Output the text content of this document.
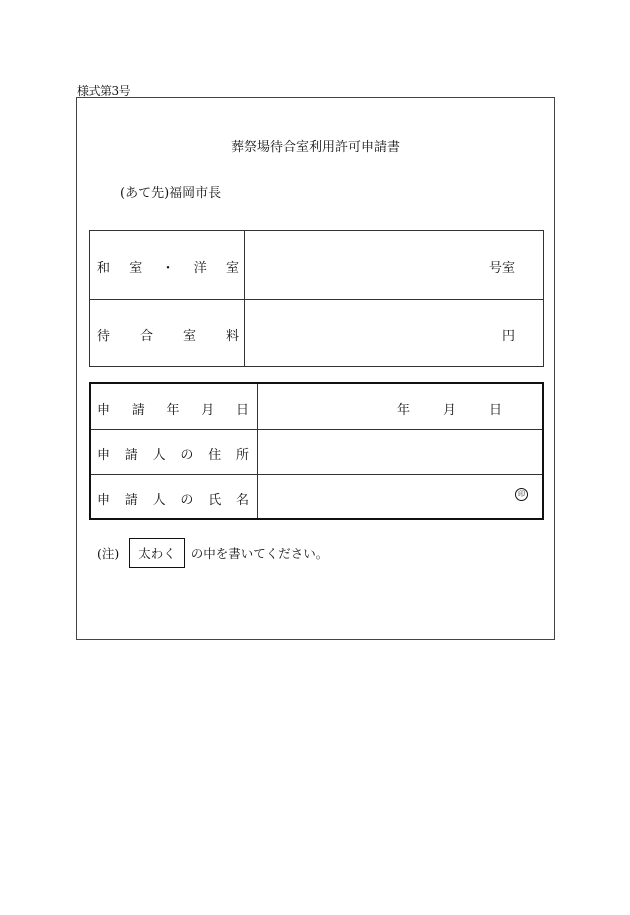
様式第3号
葬祭場待合室利用許可申請書
(あて先)福岡市長
和 室 ・ 洋 室	号室
待 合 室 料	円
申 請 年 月 日	年	月	日
申 請 人 の 住 所
申 請 人 の 氏 名	印
(注)	太わく	の中を書いてください。
